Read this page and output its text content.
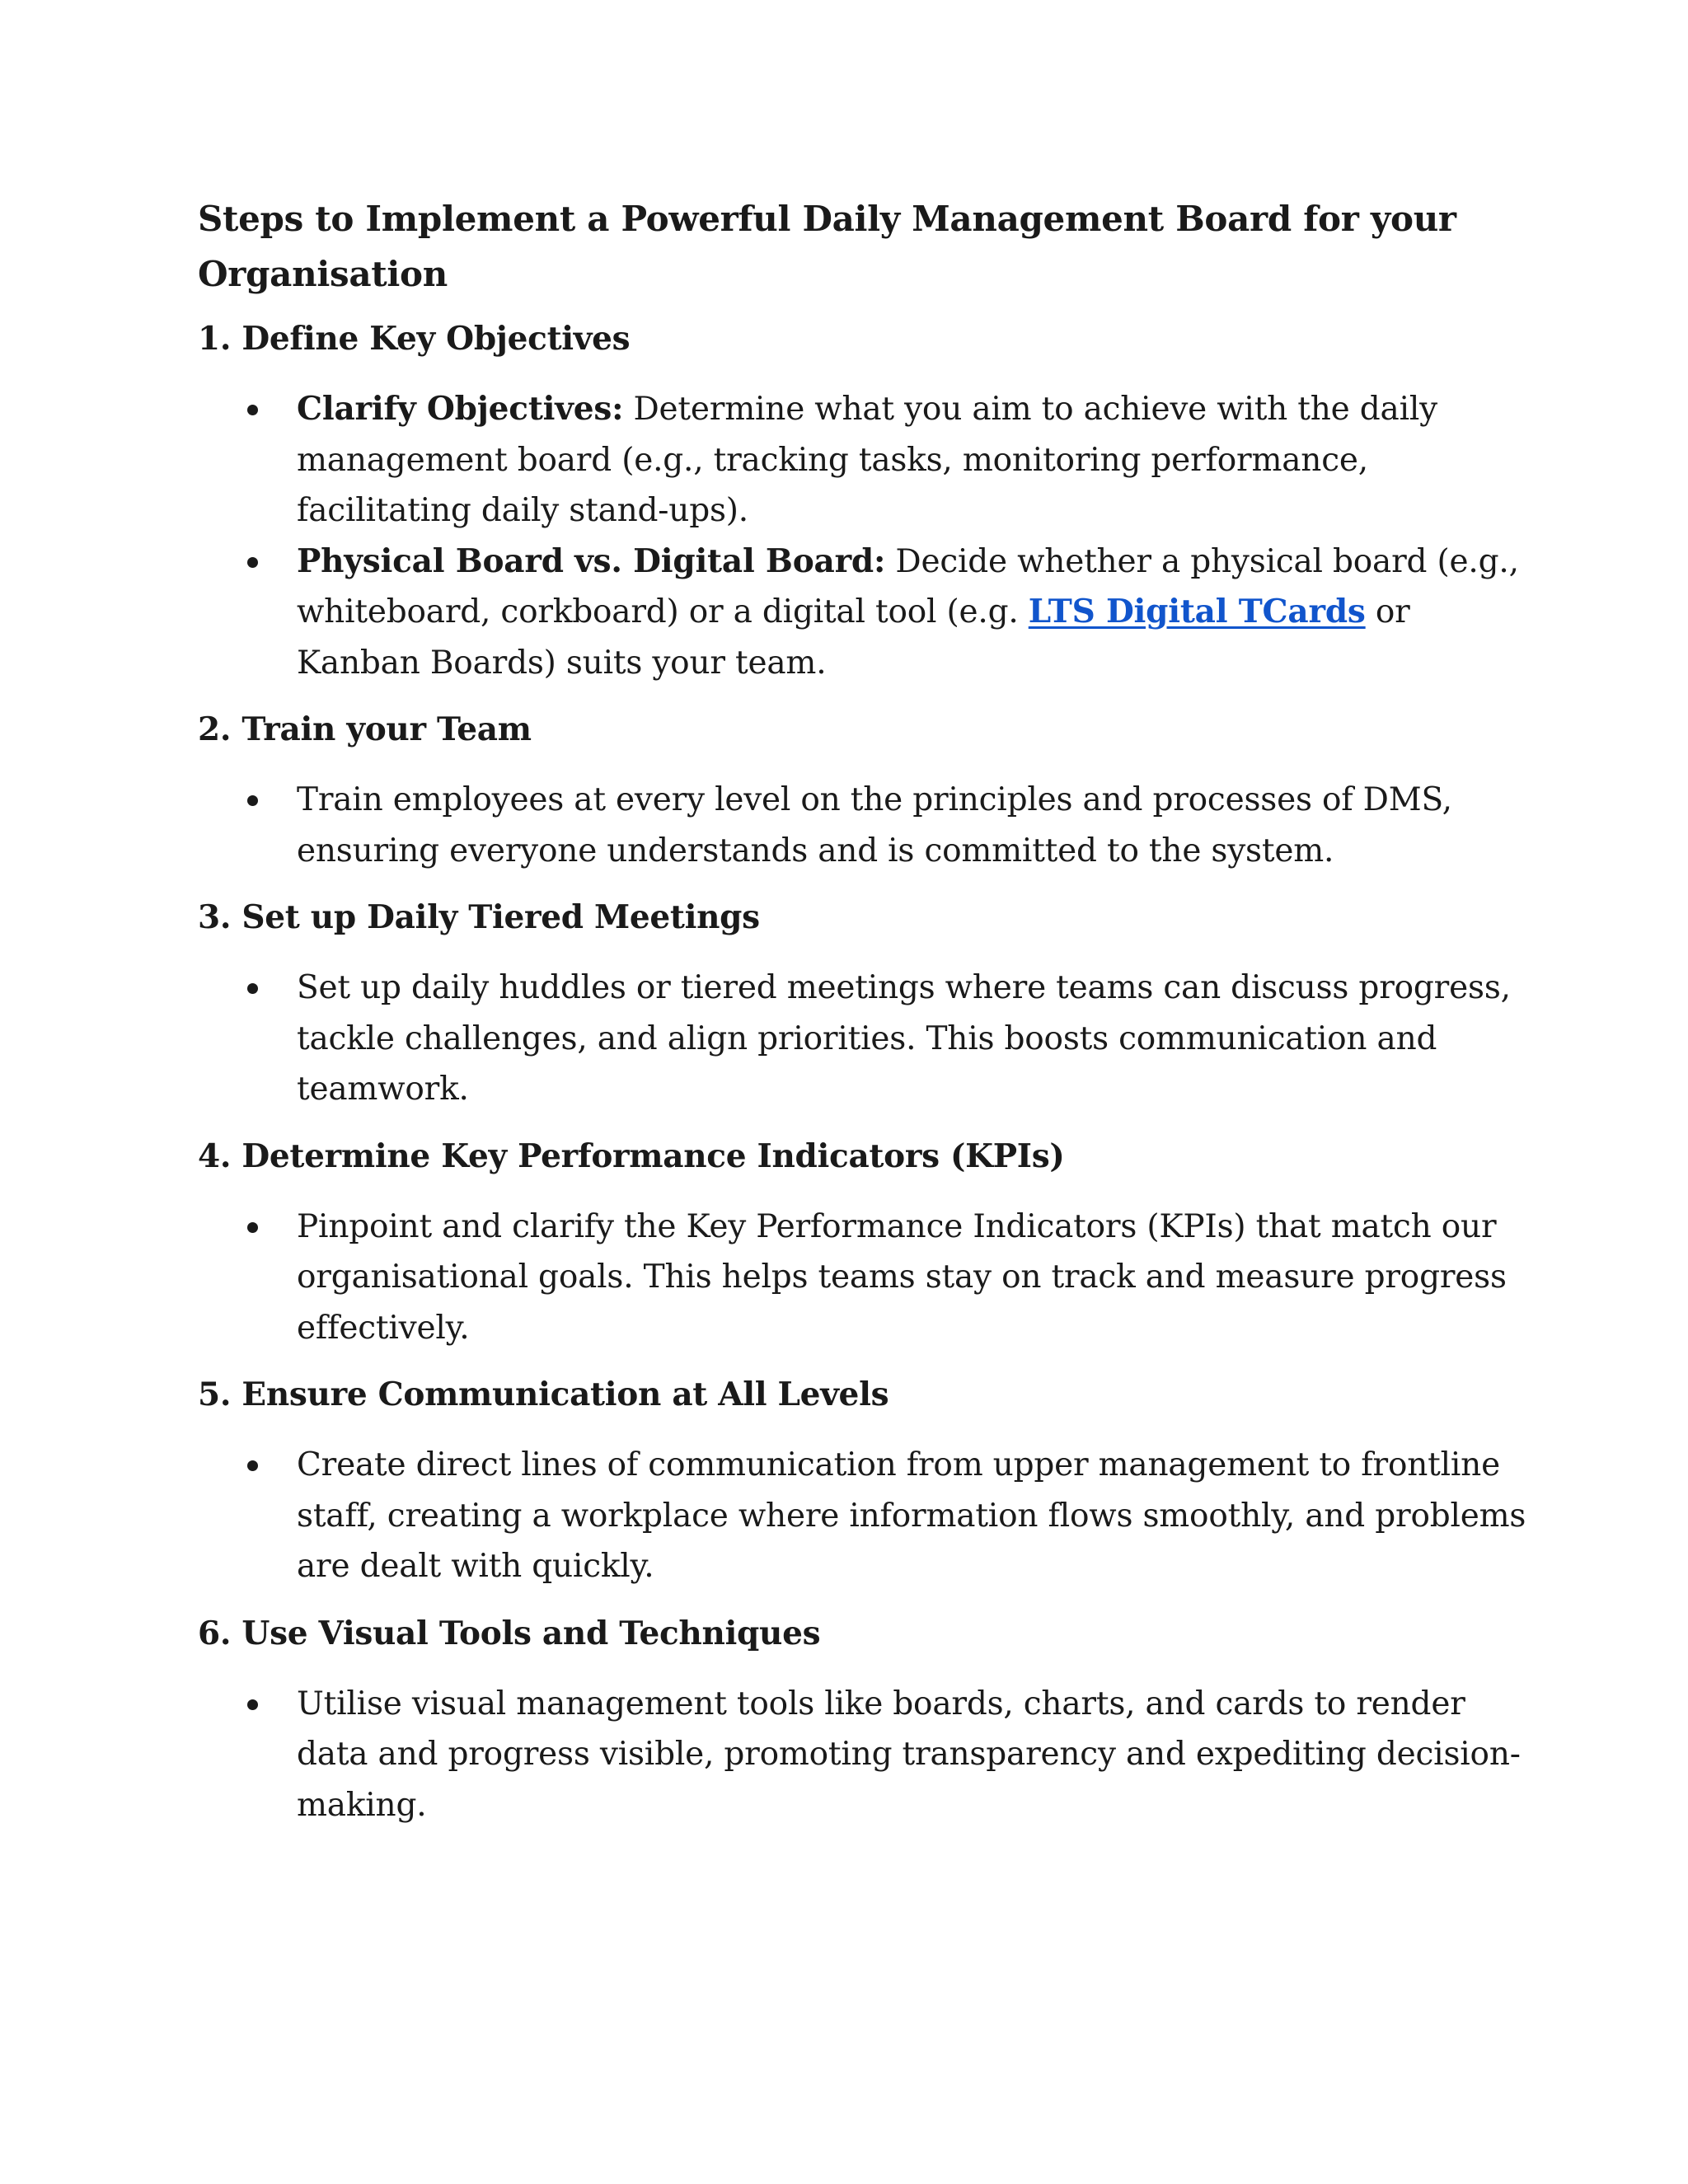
Steps to Implement a Powerful Daily Management Board for your Organisation
1. Define Key Objectives
Clarify Objectives: Determine what you aim to achieve with the daily management board (e.g., tracking tasks, monitoring performance, facilitating daily stand-ups).
Physical Board vs. Digital Board: Decide whether a physical board (e.g., whiteboard, corkboard) or a digital tool (e.g. LTS Digital TCards or Kanban Boards) suits your team.
2. Train your Team
Train employees at every level on the principles and processes of DMS, ensuring everyone understands and is committed to the system.
3. Set up Daily Tiered Meetings
Set up daily huddles or tiered meetings where teams can discuss progress, tackle challenges, and align priorities. This boosts communication and teamwork.
4. Determine Key Performance Indicators (KPIs)
Pinpoint and clarify the Key Performance Indicators (KPIs) that match our organisational goals. This helps teams stay on track and measure progress effectively.
5. Ensure Communication at All Levels
Create direct lines of communication from upper management to frontline staff, creating a workplace where information flows smoothly, and problems are dealt with quickly.
6. Use Visual Tools and Techniques
Utilise visual management tools like boards, charts, and cards to render data and progress visible, promoting transparency and expediting decision-making.
